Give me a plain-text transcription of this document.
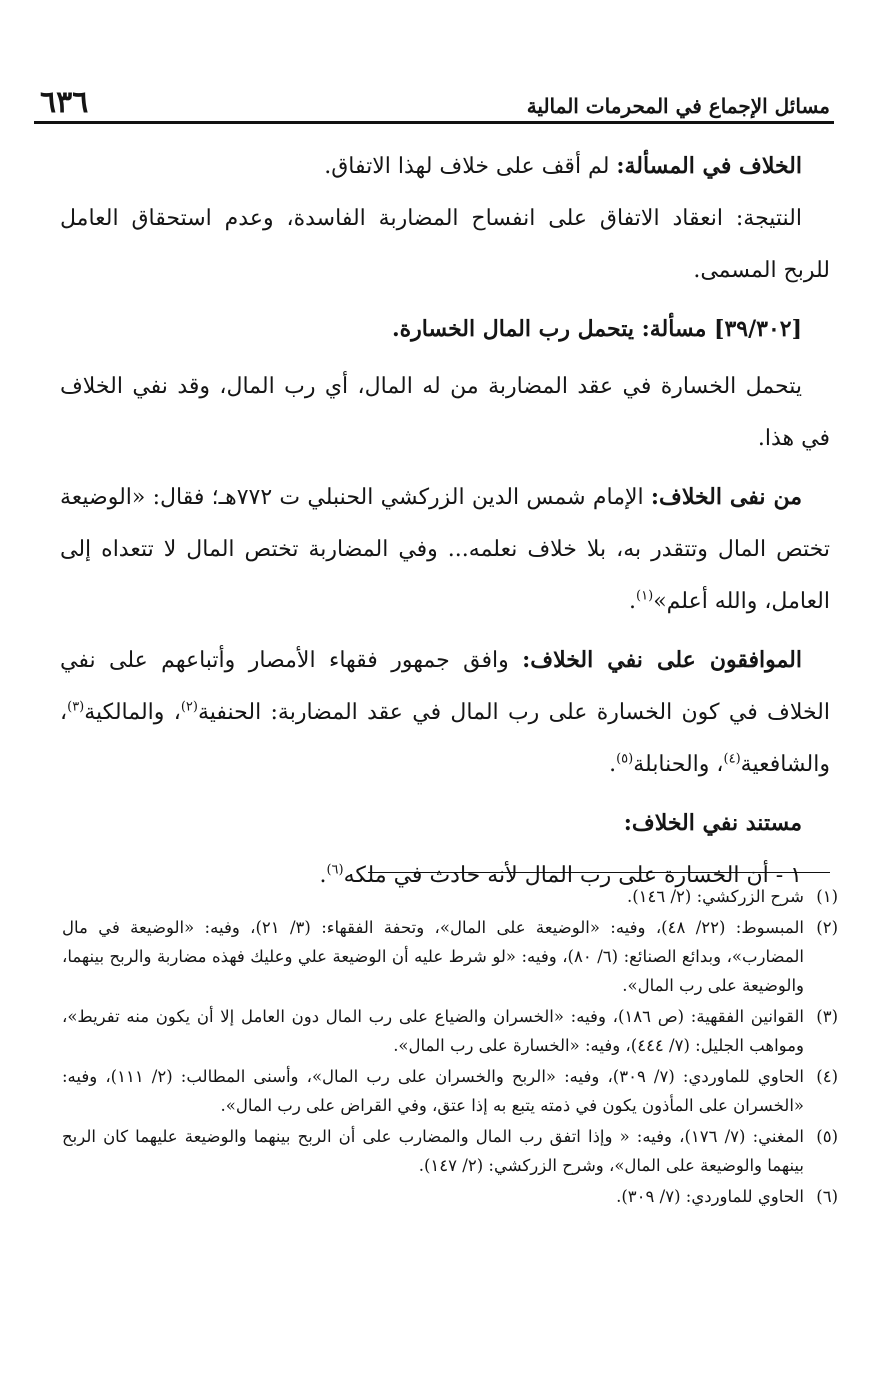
مسائل الإجماع في المحرمات المالية
٦٣٦

الخلاف في المسألة: لم أقف على خلاف لهذا الاتفاق.

النتيجة: انعقاد الاتفاق على انفساح المضاربة الفاسدة، وعدم استحقاق العامل للربح المسمى.

[٣٩/٣٠٢] مسألة: يتحمل رب المال الخسارة.

يتحمل الخسارة في عقد المضاربة من له المال، أي رب المال، وقد نفي الخلاف في هذا.

من نفى الخلاف: الإمام شمس الدين الزركشي الحنبلي ت ٧٧٢هـ؛ فقال: «الوضيعة تختص المال وتتقدر به، بلا خلاف نعلمه... وفي المضاربة تختص المال لا تتعداه إلى العامل، والله أعلم»$^{(١)}$.

الموافقون على نفي الخلاف: وافق جمهور فقهاء الأمصار وأتباعهم على نفي الخلاف في كون الخسارة على رب المال في عقد المضاربة: الحنفية$^{(٢)}$، والمالكية$^{(٣)}$، والشافعية$^{(٤)}$، والحنابلة$^{(٥)}$.

مستند نفي الخلاف:

١ - أن الخسارة على رب المال لأنه حادث في ملكه$^{(٦)}$.

(١)
شرح الزركشي: (٢/ ١٤٦).
(٢)
المبسوط: (٢٢/ ٤٨)، وفيه: «الوضيعة على المال»، وتحفة الفقهاء: (٣/ ٢١)، وفيه: «الوضيعة في مال المضارب»، وبدائع الصنائع: (٦/ ٨٠)، وفيه: «لو شرط عليه أن الوضيعة علي وعليك فهذه مضاربة والربح بينهما، والوضيعة على رب المال».
(٣)
القوانين الفقهية: (ص ١٨٦)، وفيه: «الخسران والضياع على رب المال دون العامل إلا أن يكون منه تفريط»، ومواهب الجليل: (٧/ ٤٤٤)، وفيه: «الخسارة على رب المال».
(٤)
الحاوي للماوردي: (٧/ ٣٠٩)، وفيه: «الربح والخسران على رب المال»، وأسنى المطالب: (٢/ ١١١)، وفيه: «الخسران على المأذون يكون في ذمته يتبع به إذا عتق، وفي القراض على رب المال».
(٥)
المغني: (٧/ ١٧٦)، وفيه: « وإذا اتفق رب المال والمضارب على أن الربح بينهما والوضيعة عليهما كان الربح بينهما والوضيعة على المال»، وشرح الزركشي: (٢/ ١٤٧).
(٦)
الحاوي للماوردي: (٧/ ٣٠٩).
